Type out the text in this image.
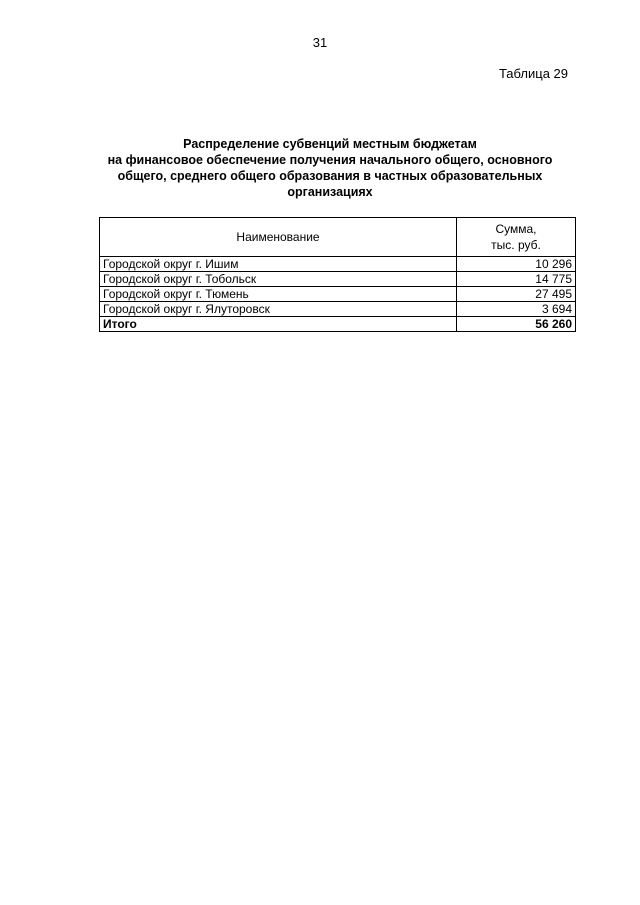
31
Таблица 29
Распределение субвенций местным бюджетам
на финансовое обеспечение получения начального общего, основного
общего, среднего общего образования в частных образовательных
организациях
Наименование	Сумма,
тыс. руб.

Городской округ г. Ишим	10 296
Городской округ г. Тобольск	14 775
Городской округ г. Тюмень	27 495
Городской округ г. Ялуторовск	3 694
Итого	56 260
